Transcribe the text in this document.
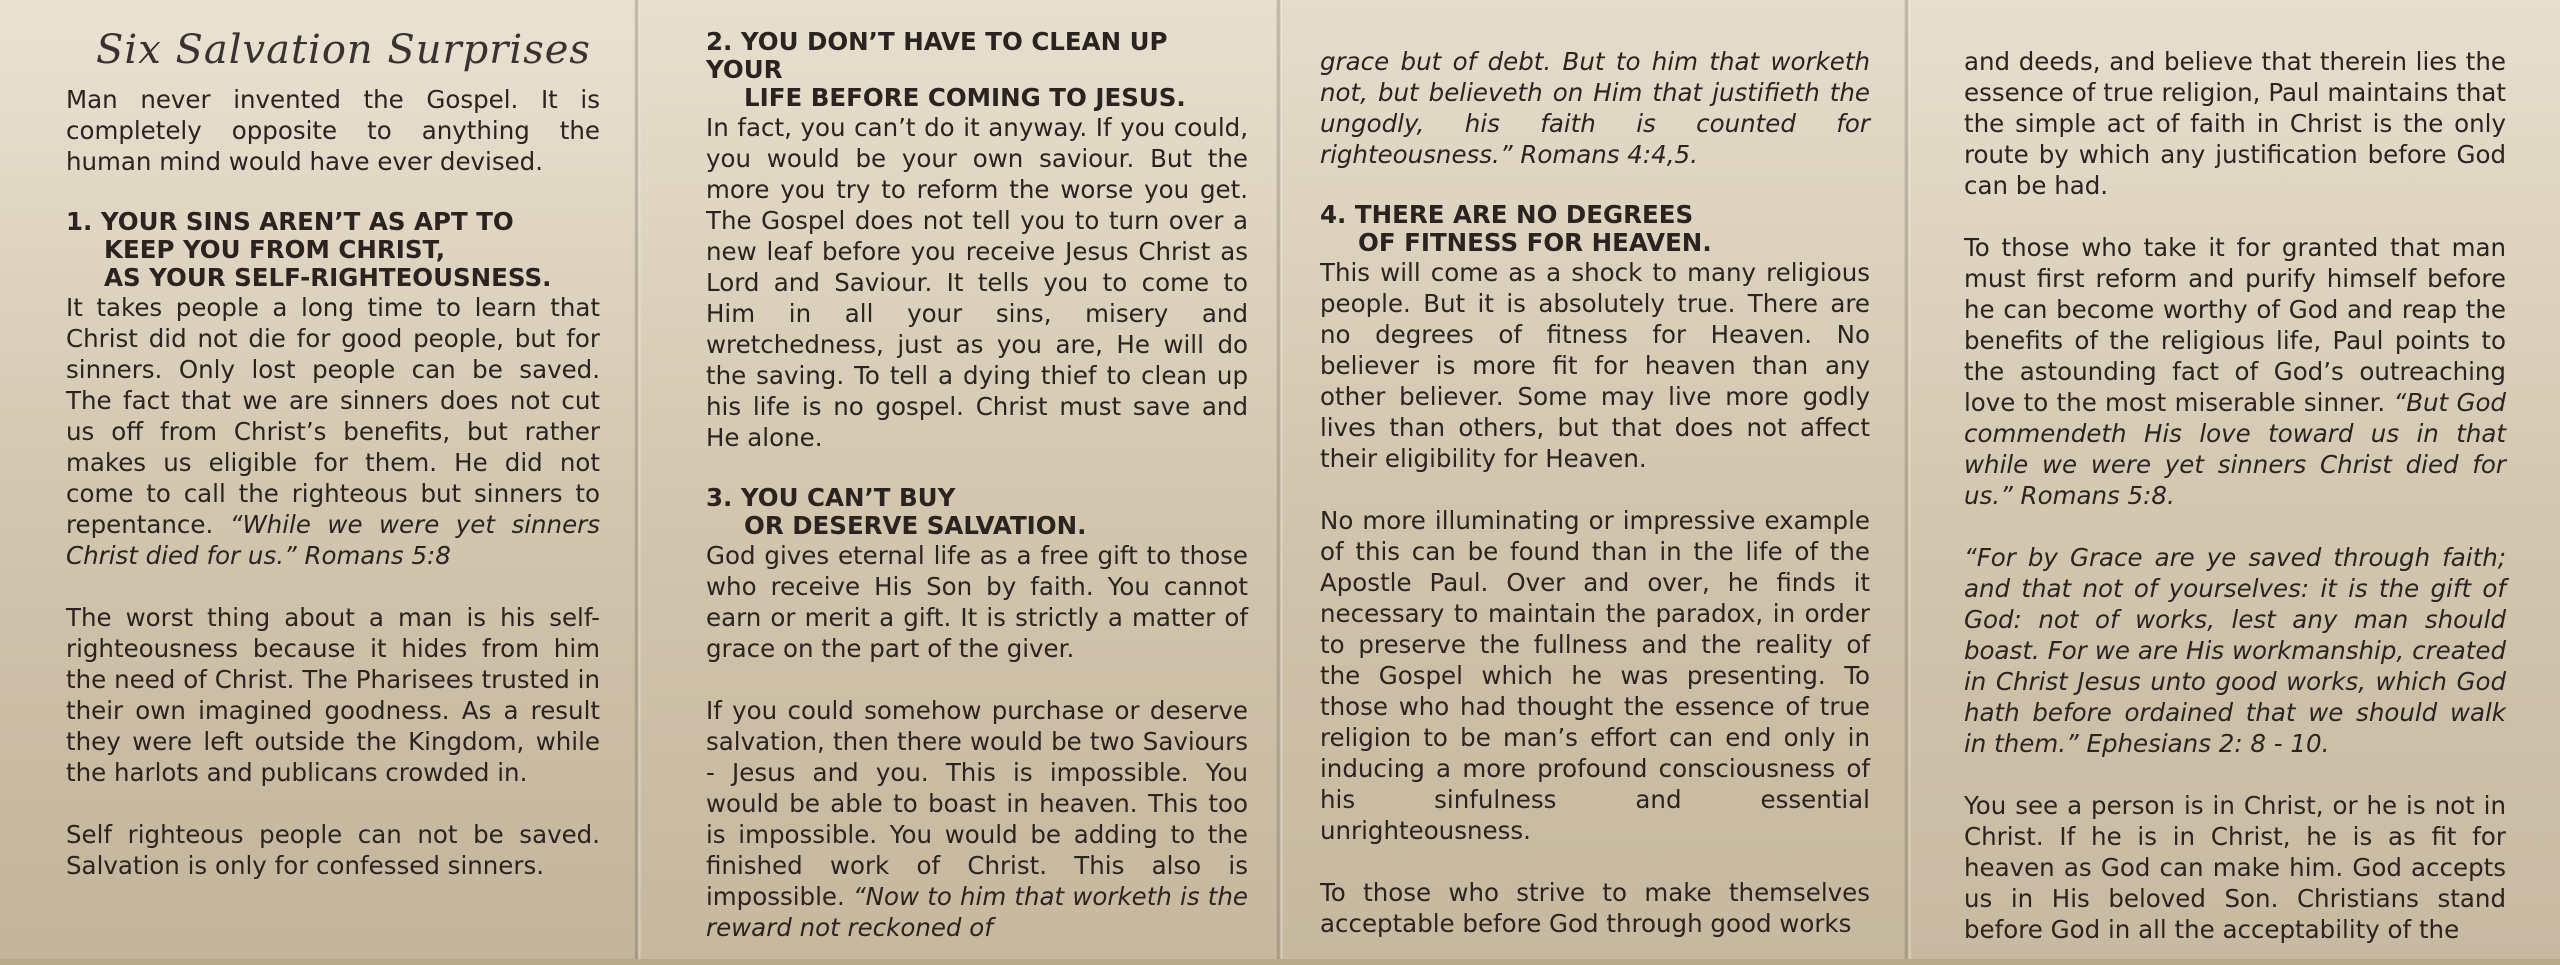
Six Salvation Surprises

Man never invented the Gospel. It is completely opposite to anything the human mind would have ever devised.

1. YOUR SINS AREN’T AS APT TO
KEEP YOU FROM CHRIST,
AS YOUR SELF-RIGHTEOUSNESS.

It takes people a long time to learn that Christ did not die for good people, but for sinners. Only lost people can be saved. The fact that we are sinners does not cut us off from Christ’s benefits, but rather makes us eligible for them. He did not come to call the righteous but sinners to repentance. “While we were yet sinners Christ died for us.” Romans 5:8

The worst thing about a man is his self-righteousness because it hides from him the need of Christ. The Pharisees trusted in their own imagined goodness. As a result they were left outside the Kingdom, while the harlots and publicans crowded in.

Self righteous people can not be saved. Salvation is only for confessed sinners.

2. YOU DON’T HAVE TO CLEAN UP YOUR
LIFE BEFORE COMING TO JESUS.

In fact, you can’t do it anyway. If you could, you would be your own saviour. But the more you try to reform the worse you get. The Gospel does not tell you to turn over a new leaf before you receive Jesus Christ as Lord and Saviour. It tells you to come to Him in all your sins, misery and wretchedness, just as you are, He will do the saving. To tell a dying thief to clean up his life is no gospel. Christ must save and He alone.

3. YOU CAN’T BUY
OR DESERVE SALVATION.

God gives eternal life as a free gift to those who receive His Son by faith. You cannot earn or merit a gift. It is strictly a matter of grace on the part of the giver.

If you could somehow purchase or deserve salvation, then there would be two Saviours - Jesus and you. This is impossible. You would be able to boast in heaven. This too is impossible. You would be adding to the finished work of Christ. This also is impossible. “Now to him that worketh is the reward not reckoned of

grace but of debt. But to him that worketh not, but believeth on Him that justifieth the ungodly, his faith is counted for righteousness.” Romans 4:4,5.

4. THERE ARE NO DEGREES
OF FITNESS FOR HEAVEN.

This will come as a shock to many religious people. But it is absolutely true. There are no degrees of fitness for Heaven. No believer is more fit for heaven than any other believer. Some may live more godly lives than others, but that does not affect their eligibility for Heaven.

No more illuminating or impressive example of this can be found than in the life of the Apostle Paul. Over and over, he finds it necessary to maintain the paradox, in order to preserve the fullness and the reality of the Gospel which he was presenting. To those who had thought the essence of true religion to be man’s effort can end only in inducing a more profound consciousness of his sinfulness and essential unrighteousness.

To those who strive to make themselves acceptable before God through good works

and deeds, and believe that therein lies the essence of true religion, Paul maintains that the simple act of faith in Christ is the only route by which any justification before God can be had.

To those who take it for granted that man must first reform and purify himself before he can become worthy of God and reap the benefits of the religious life, Paul points to the astounding fact of God’s outreaching love to the most miserable sinner. “But God commendeth His love toward us in that while we were yet sinners Christ died for us.” Romans 5:8.

“For by Grace are ye saved through faith; and that not of yourselves: it is the gift of God: not of works, lest any man should boast. For we are His workmanship, created in Christ Jesus unto good works, which God hath before ordained that we should walk in them.” Ephesians 2: 8 - 10.

You see a person is in Christ, or he is not in Christ. If he is in Christ, he is as fit for heaven as God can make him. God accepts us in His beloved Son. Christians stand before God in all the acceptability of the
